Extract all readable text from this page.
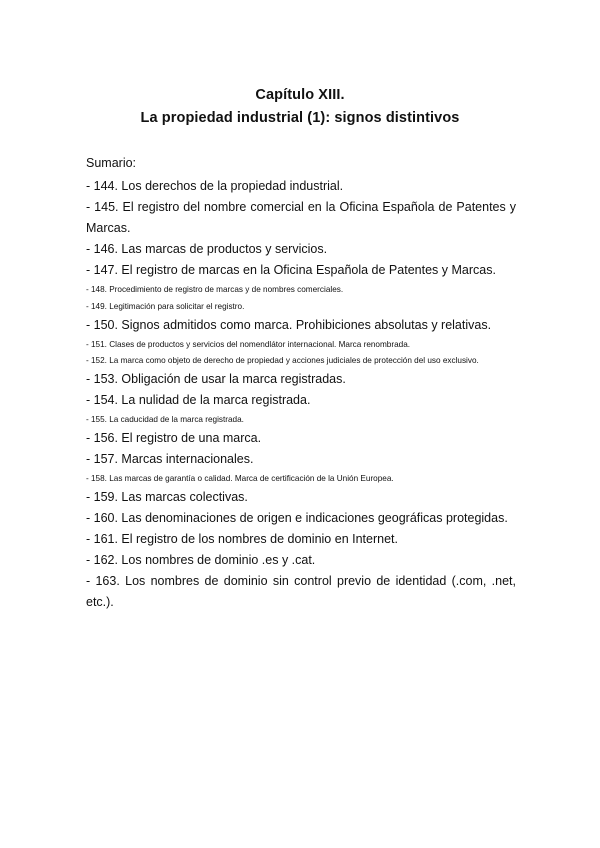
Capítulo XIII.
La propiedad industrial (1): signos distintivos
Sumario:
- 144. Los derechos de la propiedad industrial.
- 145. El registro del nombre comercial en la Oficina Española de Patentes y Marcas.
- 146. Las marcas de productos y servicios.
- 147. El registro de marcas en la Oficina Española de Patentes y Marcas.
- 148. Procedimiento de registro de marcas y de nombres comerciales.
- 149. Legitimación para solicitar el registro.
- 150. Signos admitidos como marca. Prohibiciones absolutas y relativas.
- 151. Clases de productos y servicios del nomendlátor internacional. Marca renombrada.
- 152. La marca como objeto de derecho de propiedad y acciones judiciales de protección del uso exclusivo.
- 153. Obligación de usar la marca registradas.
- 154. La nulidad de la marca registrada.
- 155. La caducidad de la marca registrada.
- 156. El registro de una marca.
- 157. Marcas internacionales.
- 158. Las marcas de garantía o calidad. Marca de certificación de la Unión Europea.
- 159. Las marcas colectivas.
- 160. Las denominaciones de origen e indicaciones geográficas protegidas.
- 161. El registro de los nombres de dominio en Internet.
- 162. Los nombres de dominio .es y .cat.
- 163. Los nombres de dominio sin control previo de identidad (.com, .net, etc.).
